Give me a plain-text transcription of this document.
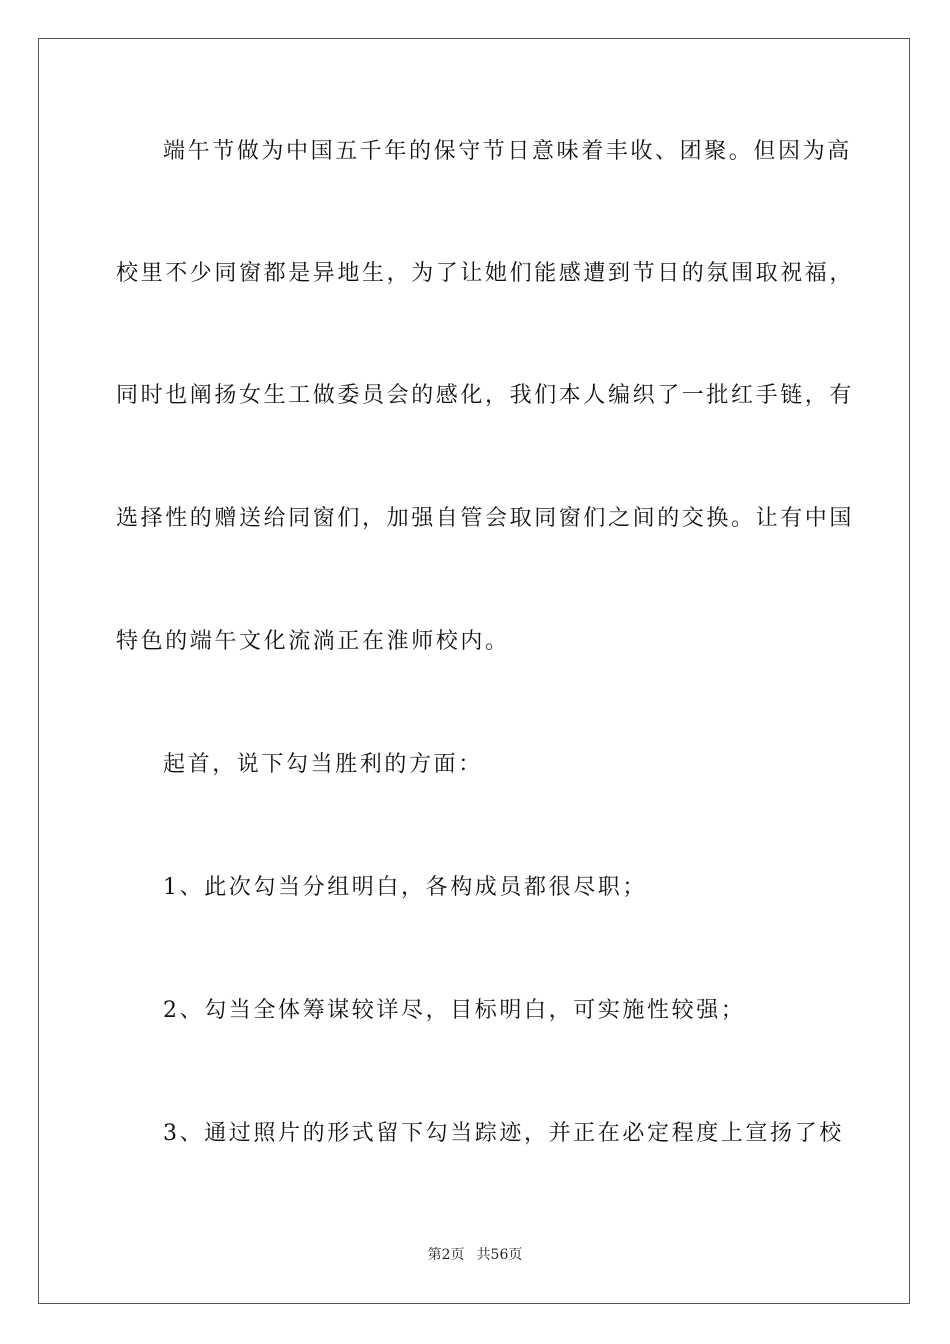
端午节做为中国五千年的保守节日意味着丰收、团聚。但因为高
校里不少同窗都是异地生，为了让她们能感遭到节日的氛围取祝福，
同时也阐扬女生工做委员会的感化，我们本人编织了一批红手链，有
选择性的赠送给同窗们，加强自管会取同窗们之间的交换。让有中国
特色的端午文化流淌正在淮师校内。
起首，说下勾当胜利的方面：
1、此次勾当分组明白，各构成员都很尽职；
2、勾当全体筹谋较详尽，目标明白，可实施性较强；
3、通过照片的形式留下勾当踪迹，并正在必定程度上宣扬了校
第2页 共56页
